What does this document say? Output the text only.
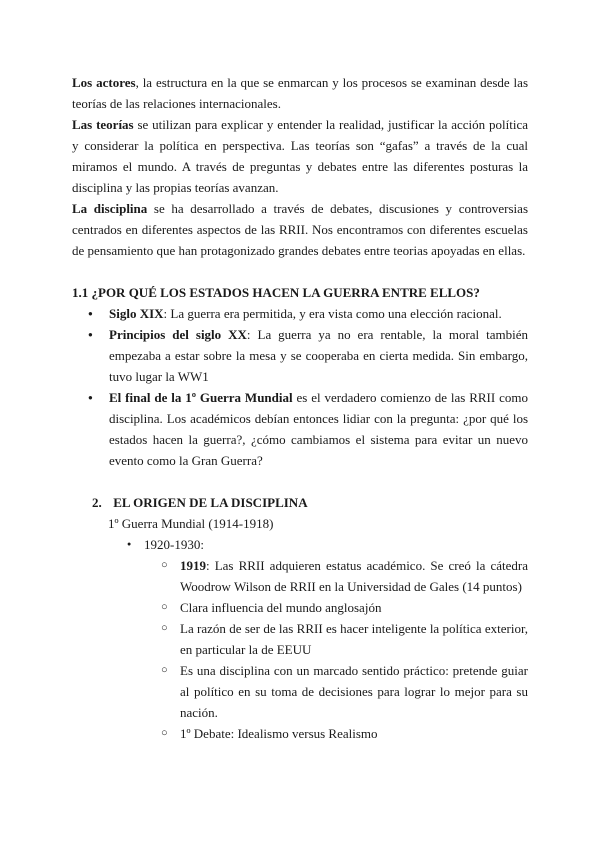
Los actores, la estructura en la que se enmarcan y los procesos se examinan desde las teorías de las relaciones internacionales.

Las teorías se utilizan para explicar y entender la realidad, justificar la acción política y considerar la política en perspectiva. Las teorías son “gafas” a través de la cual miramos el mundo. A través de preguntas y debates entre las diferentes posturas la disciplina y las propias teorías avanzan.

La disciplina se ha desarrollado a través de debates, discusiones y controversias centrados en diferentes aspectos de las RRII. Nos encontramos con diferentes escuelas de pensamiento que han protagonizado grandes debates entre teorias apoyadas en ellas.

1.1 ¿POR QUÉ LOS ESTADOS HACEN LA GUERRA ENTRE ELLOS?
● Siglo XIX: La guerra era permitida, y era vista como una elección racional.
● Principios del siglo XX: La guerra ya no era rentable, la moral también empezaba a estar sobre la mesa y se cooperaba en cierta medida. Sin embargo, tuvo lugar la WW1
● El final de la 1º Guerra Mundial es el verdadero comienzo de las RRII como disciplina. Los académicos debían entonces lidiar con la pregunta: ¿por qué los estados hacen la guerra?, ¿cómo cambiamos el sistema para evitar un nuevo evento como la Gran Guerra?
2. EL ORIGEN DE LA DISCIPLINA
1º Guerra Mundial (1914-1918)
● 1920-1930:
○ 1919: Las RRII adquieren estatus académico. Se creó la cátedra Woodrow Wilson de RRII en la Universidad de Gales (14 puntos)
○ Clara influencia del mundo anglosajón
○ La razón de ser de las RRII es hacer inteligente la política exterior, en particular la de EEUU
○ Es una disciplina con un marcado sentido práctico: pretende guiar al político en su toma de decisiones para lograr lo mejor para su nación.
○ 1º Debate: Idealismo versus Realismo
